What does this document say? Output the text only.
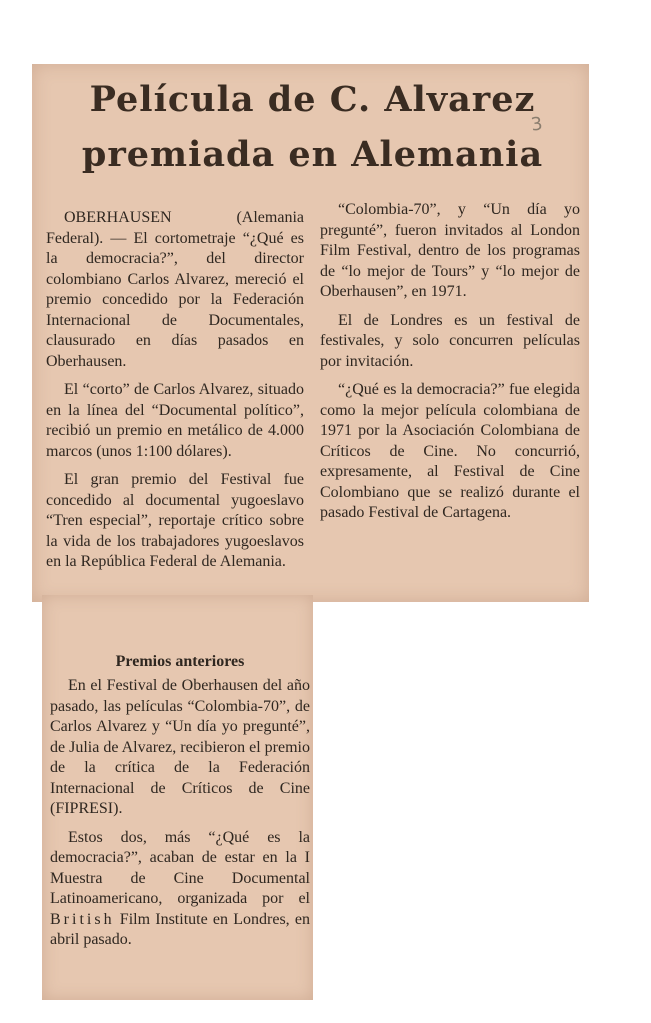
Película de C. Alvarez
premiada en Alemania
3

OBERHAUSEN (Alemania Federal). — El cortometraje “¿Qué es la democracia?”, del director colombiano Carlos Alvarez, mereció el premio concedido por la Federación Internacional de Documentales, clausurado en días pasados en Oberhausen.

El “corto” de Carlos Alvarez, situado en la línea del “Documental político”, recibió un premio en metálico de 4.000 marcos (unos 1:100 dólares).

El gran premio del Festival fue concedido al documental yugoeslavo “Tren especial”, reportaje crítico sobre la vida de los trabajadores yugoeslavos en la República Federal de Alemania.

Premios anteriores

En el Festival de Oberhausen del año pasado, las películas “Colombia-70”, de Carlos Alvarez y “Un día yo pregunté”, de Julia de Alvarez, recibieron el premio de la crítica de la Federación Internacional de Críticos de Cine (FIPRESI).

Estos dos, más “¿Qué es la democracia?”, acaban de estar en la I Muestra de Cine Documental Latinoamericano, organizada por el British Film Institute en Londres, en abril pasado.

“Colombia-70”, y “Un día yo pregunté”, fueron invitados al London Film Festival, dentro de los programas de “lo mejor de Tours” y “lo mejor de Oberhausen”, en 1971.

El de Londres es un festival de festivales, y solo concurren películas por invitación.

“¿Qué es la democracia?” fue elegida como la mejor película colombiana de 1971 por la Asociación Colombiana de Críticos de Cine. No concurrió, expresamente, al Festival de Cine Colombiano que se realizó durante el pasado Festival de Cartagena.
